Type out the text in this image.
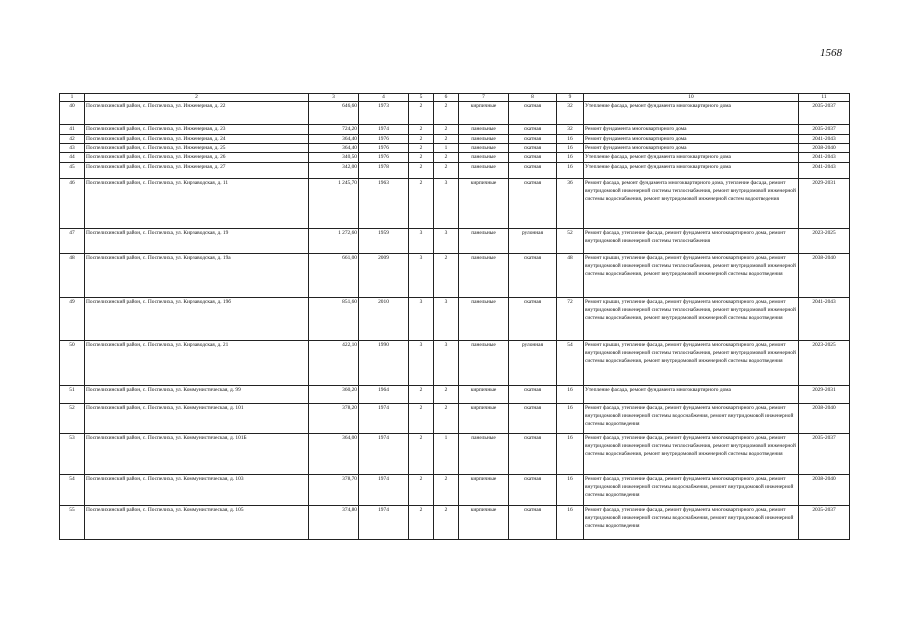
1568
1	2	3	4	5	6	7	8	9	10	11
40	Поспелихинский район, с. Поспелиха, ул. Инженерная, д. 22	646,60	1973	2	2	кирпичные	скатная	32	Утепление фасада, ремонт фундамента многоквартирного дома	2035-2037
41	Поспелихинский район, с. Поспелиха, ул. Инженерная, д. 23	724,20	1974	2	2	панельные	скатная	32	Ремонт фундамента многоквартирного дома	2035-2037
42	Поспелихинский район, с. Поспелиха, ул. Инженерная, д. 24	364,40	1976	2	2	панельные	скатная	16	Ремонт фундамента многоквартирного дома	2041-2043
43	Поспелихинский район, с. Поспелиха, ул. Инженерная, д. 25	364,40	1976	2	1	панельные	скатная	16	Ремонт фундамента многоквартирного дома	2038-2040
44	Поспелихинский район, с. Поспелиха, ул. Инженерная, д. 26	340,50	1976	2	2	панельные	скатная	16	Утепление фасада, ремонт фундамента многоквартирного дома	2041-2043
45	Поспелихинский район, с. Поспелиха, ул. Инженерная, д. 27	342,00	1978	2	2	панельные	скатная	16	Утепление фасада, ремонт фундамента многоквартирного дома	2041-2043
46	Поспелихинский район, с. Поспелиха, ул. Кирзаводская, д. 11	1 245,70	1963	2	3	кирпичные	скатная	36	Ремонт фасада, ремонт фундамента многоквартирного дома, утепление фасада, ремонт внутридомовой инженерной системы теплоснабжения, ремонт внутридомовой инженерной системы водоснабжения, ремонт внутридомовой инженерной систем водоотведения	2029-2031
47	Поспелихинский район, с. Поспелиха, ул. Кирзаводская, д. 19	1 272,60	1959	3	3	панельные	рулонная	52	Ремонт фасада, утепление фасада, ремонт фундамента многоквартирного дома, ремонт внутридомовой инженерной системы теплоснабжения	2023-2025
48	Поспелихинский район, с. Поспелиха, ул. Кирзаводская, д. 19а	661,00	2009	3	2	панельные	скатная	48	Ремонт крыши, утепление фасада, ремонт фундамента многоквартирного дома, ремонт внутридомовой инженерной системы теплоснабжения, ремонт внутридомовой инженерной системы водоснабжения, ремонт внутридомовой инженерной системы водоотведения	2038-2040
49	Поспелихинский район, с. Поспелиха, ул. Кирзаводская, д. 19б	851,60	2010	3	3	панельные	скатная	72	Ремонт крыши, утепление фасада, ремонт фундамента многоквартирного дома, ремонт внутридомовой инженерной системы теплоснабжения, ремонт внутридомовой инженерной системы водоснабжения, ремонт внутридомовой инженерной системы водоотведения	2041-2043
50	Поспелихинский район, с. Поспелиха, ул. Кирзаводская, д. 21	422,10	1990	3	3	панельные	рулонная	54	Ремонт крыши, утепление фасада, ремонт фундамента многоквартирного дома, ремонт внутридомовой инженерной системы теплоснабжения, ремонт внутридомовой инженерной системы водоснабжения, ремонт внутридомовой инженерной системы водоотведения	2023-2025
51	Поспелихинский район, с. Поспелиха, ул. Коммунистическая, д. 99	360,20	1964	2	2	кирпичные	скатная	16	Утепление фасада, ремонт фундамента многоквартирного дома	2029-2031
52	Поспелихинский район, с. Поспелиха, ул. Коммунистическая, д. 101	378,20	1974	2	2	кирпичные	скатная	16	Ремонт фасада, утепление фасада, ремонт фундамента многоквартирного дома, ремонт внутридомовой инженерной системы водоснабжения, ремонт внутридомовой инженерной системы водоотведения	2038-2040
53	Поспелихинский район, с. Поспелиха, ул. Коммунистическая, д. 101Б	364,00	1974	2	1	панельные	скатная	16	Ремонт фасада, утепление фасада, ремонт фундамента многоквартирного дома, ремонт внутридомовой инженерной системы теплоснабжения, ремонт внутридомовой инженерной системы водоснабжения, ремонт внутридомовой инженерной системы водоотведения	2035-2037
54	Поспелихинский район, с. Поспелиха, ул. Коммунистическая, д. 103	378,70	1974	2	2	кирпичные	скатная	16	Ремонт фасада, утепление фасада, ремонт фундамента многоквартирного дома, ремонт внутридомовой инженерной системы водоснабжения, ремонт внутридомовой инженерной системы водоотведения	2038-2040
55	Поспелихинский район, с. Поспелиха, ул. Коммунистическая, д. 105	374,80	1974	2	2	кирпичные	скатная	16	Ремонт фасада, утепление фасада, ремонт фундамента многоквартирного дома, ремонт внутридомовой инженерной системы водоснабжения, ремонт внутридомовой инженерной системы водоотведения	2035-2037
